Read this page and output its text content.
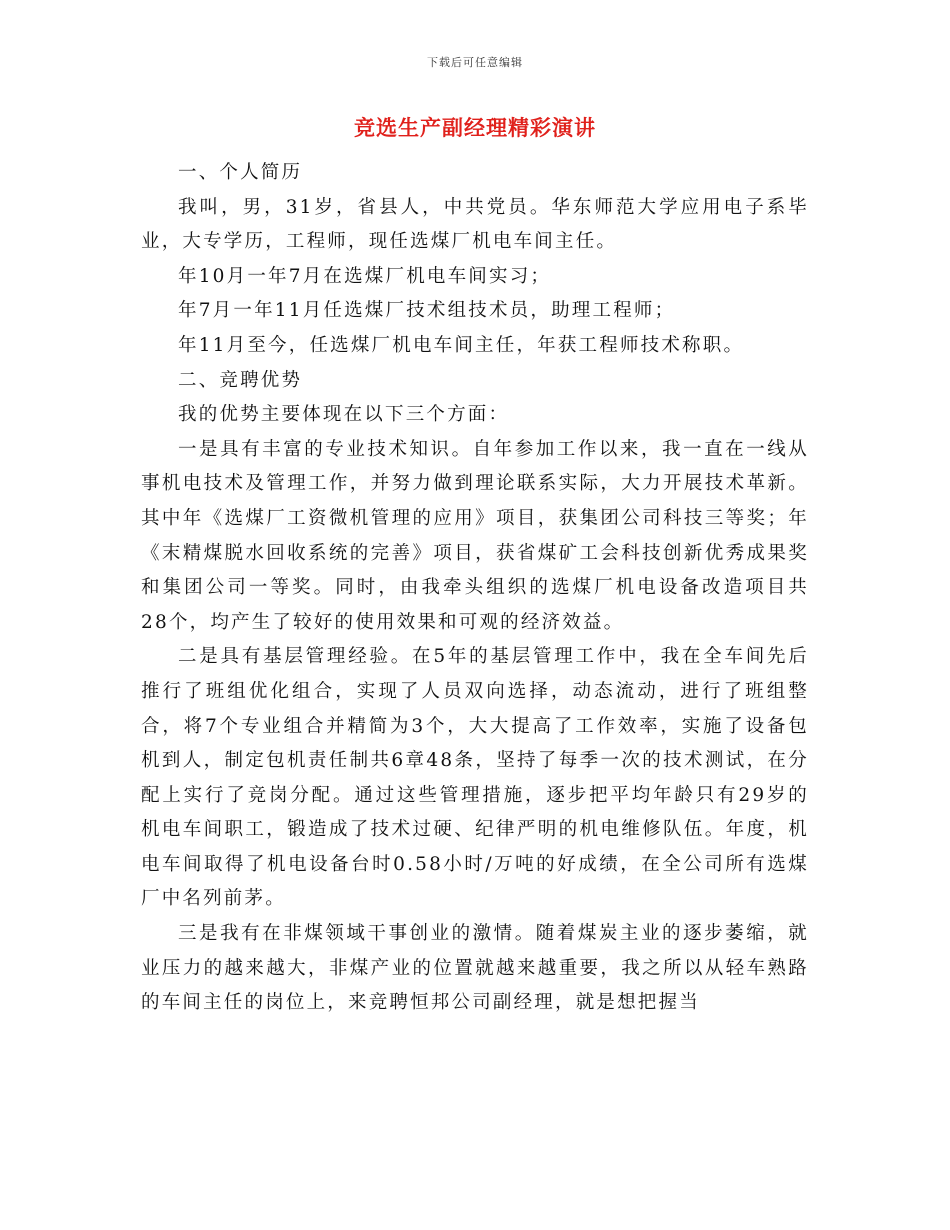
下载后可任意编辑
竞选生产副经理精彩演讲

一、个人简历

我叫，男，31岁，省县人，中共党员。华东师范大学应用电子系毕业，大专学历，工程师，现任选煤厂机电车间主任。

年10月一年7月在选煤厂机电车间实习；

年7月一年11月任选煤厂技术组技术员，助理工程师；

年11月至今，任选煤厂机电车间主任，年获工程师技术称职。

二、竞聘优势

我的优势主要体现在以下三个方面：

一是具有丰富的专业技术知识。自年参加工作以来，我一直在一线从事机电技术及管理工作，并努力做到理论联系实际，大力开展技术革新。其中年《选煤厂工资微机管理的应用》项目，获集团公司科技三等奖；年《末精煤脱水回收系统的完善》项目，获省煤矿工会科技创新优秀成果奖和集团公司一等奖。同时，由我牵头组织的选煤厂机电设备改造项目共28个，均产生了较好的使用效果和可观的经济效益。

二是具有基层管理经验。在5年的基层管理工作中，我在全车间先后推行了班组优化组合，实现了人员双向选择，动态流动，进行了班组整合，将7个专业组合并精简为3个，大大提高了工作效率，实施了设备包机到人，制定包机责任制共6章48条，坚持了每季一次的技术测试，在分配上实行了竞岗分配。通过这些管理措施，逐步把平均年龄只有29岁的机电车间职工，锻造成了技术过硬、纪律严明的机电维修队伍。年度，机电车间取得了机电设备台时0.58小时/万吨的好成绩，在全公司所有选煤厂中名列前茅。

三是我有在非煤领域干事创业的激情。随着煤炭主业的逐步萎缩，就业压力的越来越大，非煤产业的位置就越来越重要，我之所以从轻车熟路的车间主任的岗位上，来竞聘恒邦公司副经理，就是想把握当
